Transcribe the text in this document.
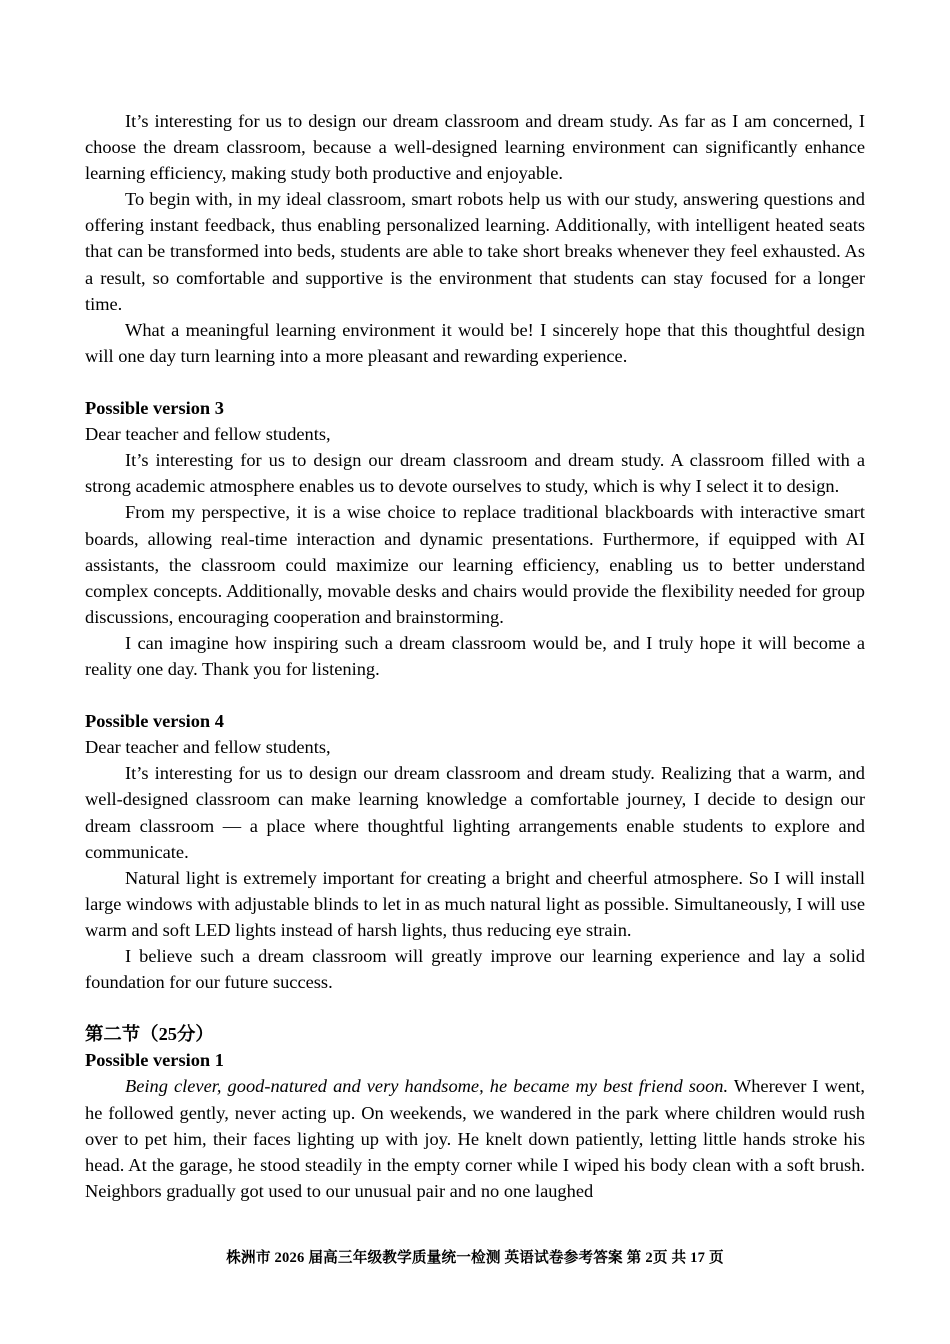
It’s interesting for us to design our dream classroom and dream study. As far as I am concerned, I choose the dream classroom, because a well-designed learning environment can significantly enhance learning efficiency, making study both productive and enjoyable.

To begin with, in my ideal classroom, smart robots help us with our study, answering questions and offering instant feedback, thus enabling personalized learning. Additionally, with intelligent heated seats that can be transformed into beds, students are able to take short breaks whenever they feel exhausted. As a result, so comfortable and supportive is the environment that students can stay focused for a longer time.

What a meaningful learning environment it would be! I sincerely hope that this thoughtful design will one day turn learning into a more pleasant and rewarding experience.

Possible version 3

Dear teacher and fellow students,

It’s interesting for us to design our dream classroom and dream study. A classroom filled with a strong academic atmosphere enables us to devote ourselves to study, which is why I select it to design.

From my perspective, it is a wise choice to replace traditional blackboards with interactive smart boards, allowing real-time interaction and dynamic presentations. Furthermore, if equipped with AI assistants, the classroom could maximize our learning efficiency, enabling us to better understand complex concepts. Additionally, movable desks and chairs would provide the flexibility needed for group discussions, encouraging cooperation and brainstorming.

I can imagine how inspiring such a dream classroom would be, and I truly hope it will become a reality one day. Thank you for listening.

Possible version 4

Dear teacher and fellow students,

It’s interesting for us to design our dream classroom and dream study. Realizing that a warm, and well-designed classroom can make learning knowledge a comfortable journey, I decide to design our dream classroom — a place where thoughtful lighting arrangements enable students to explore and communicate.

Natural light is extremely important for creating a bright and cheerful atmosphere. So I will install large windows with adjustable blinds to let in as much natural light as possible. Simultaneously, I will use warm and soft LED lights instead of harsh lights, thus reducing eye strain.

I believe such a dream classroom will greatly improve our learning experience and lay a solid foundation for our future success.

第二节（25分）

Possible version 1

Being clever, good-natured and very handsome, he became my best friend soon. Wherever I went, he followed gently, never acting up. On weekends, we wandered in the park where children would rush over to pet him, their faces lighting up with joy. He knelt down patiently, letting little hands stroke his head. At the garage, he stood steadily in the empty corner while I wiped his body clean with a soft brush. Neighbors gradually got used to our unusual pair and no one laughed

株洲市 2026 届高三年级教学质量统一检测 英语试卷参考答案 第 2页 共 17 页
